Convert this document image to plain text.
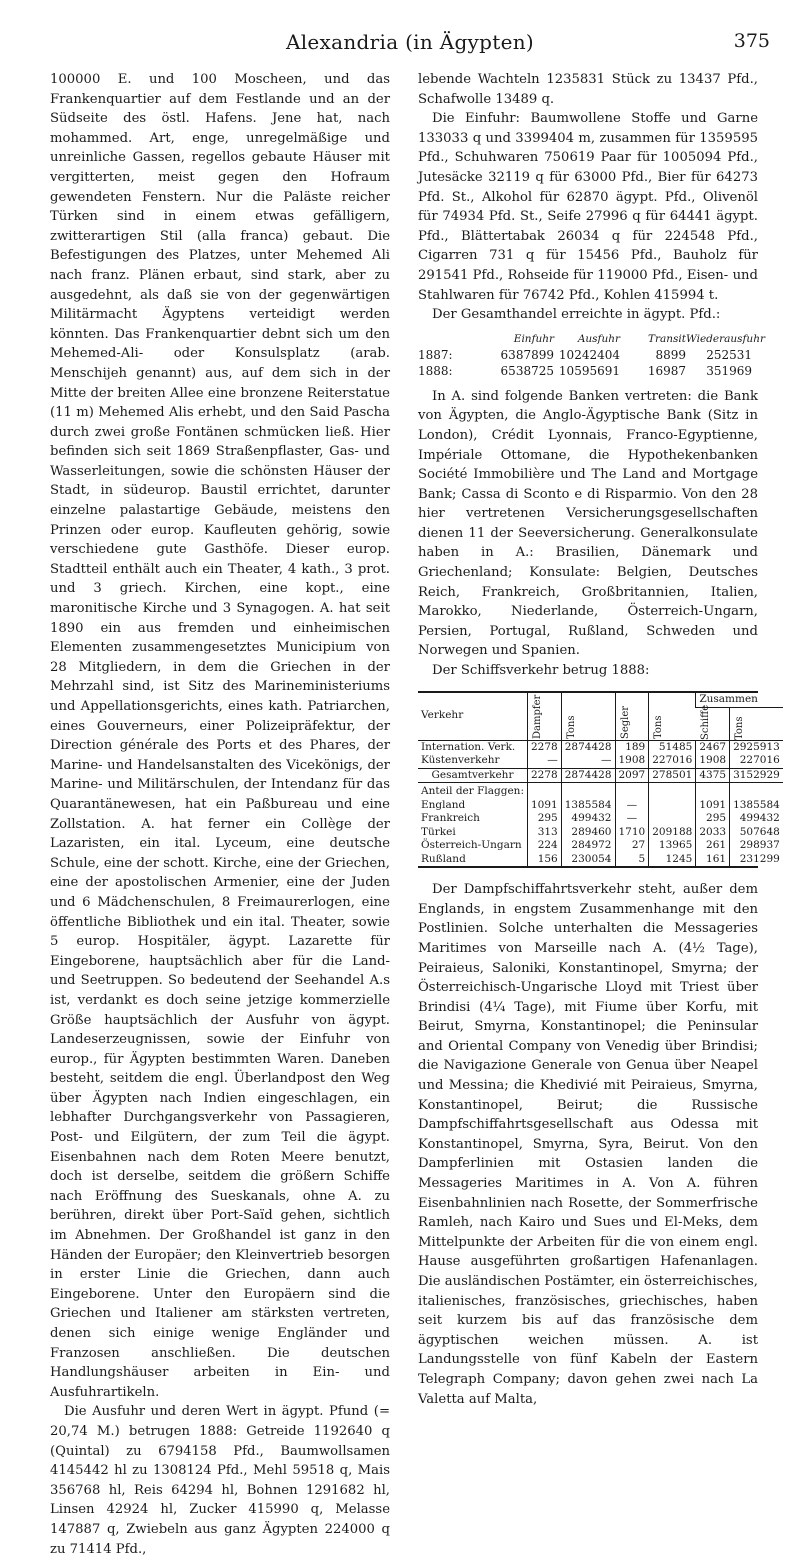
Alexandria (in Ägypten)	375

100000 E. und 100 Moscheen, und das Frankenquartier auf dem Festlande und an der Südseite des östl. Hafens. Jene hat, nach mohammed. Art, enge, unregelmäßige und unreinliche Gassen, regellos gebaute Häuser mit vergitterten, meist gegen den Hofraum gewendeten Fenstern. Nur die Paläste reicher Türken sind in einem etwas gefälligern, zwitterartigen Stil (alla franca) gebaut. Die Befestigungen des Platzes, unter Mehemed Ali nach franz. Plänen erbaut, sind stark, aber zu ausgedehnt, als daß sie von der gegenwärtigen Militärmacht Ägyptens verteidigt werden könnten. Das Frankenquartier debnt sich um den Mehemed-Ali- oder Konsulsplatz (arab. Menschijeh genannt) aus, auf dem sich in der Mitte der breiten Allee eine bronzene Reiterstatue (11 m) Mehemed Alis erhebt, und den Said Pascha durch zwei große Fontänen schmücken ließ. Hier befinden sich seit 1869 Straßenpflaster, Gas- und Wasserleitungen, sowie die schönsten Häuser der Stadt, in südeurop. Baustil errichtet, darunter einzelne palastartige Gebäude, meistens den Prinzen oder europ. Kaufleuten gehörig, sowie verschiedene gute Gasthöfe. Dieser europ. Stadtteil enthält auch ein Theater, 4 kath., 3 prot. und 3 griech. Kirchen, eine kopt., eine maronitische Kirche und 3 Synagogen. A. hat seit 1890 ein aus fremden und einheimischen Elementen zusammengesetztes Municipium von 28 Mitgliedern, in dem die Griechen in der Mehrzahl sind, ist Sitz des Marineministeriums und Appellationsgerichts, eines kath. Patriarchen, eines Gouverneurs, einer Polizeipräfektur, der Direction générale des Ports et des Phares, der Marine- und Handelsanstalten des Vicekönigs, der Marine- und Militärschulen, der Intendanz für das Quarantänewesen, hat ein Paßbureau und eine Zollstation. A. hat ferner ein Collège der Lazaristen, ein ital. Lyceum, eine deutsche Schule, eine der schott. Kirche, eine der Griechen, eine der apostolischen Armenier, eine der Juden und 6 Mädchenschulen, 8 Freimaurerlogen, eine öffentliche Bibliothek und ein ital. Theater, sowie 5 europ. Hospitäler, ägypt. Lazarette für Eingeborene, hauptsächlich aber für die Land- und Seetruppen. So bedeutend der Seehandel A.s ist, verdankt es doch seine jetzige kommerzielle Größe hauptsächlich der Ausfuhr von ägypt. Landeserzeugnissen, sowie der Einfuhr von europ., für Ägypten bestimmten Waren. Daneben besteht, seitdem die engl. Überlandpost den Weg über Ägypten nach Indien eingeschlagen, ein lebhafter Durchgangsverkehr von Passagieren, Post- und Eilgütern, der zum Teil die ägypt. Eisenbahnen nach dem Roten Meere benutzt, doch ist derselbe, seitdem die größern Schiffe nach Eröffnung des Sueskanals, ohne A. zu berühren, direkt über Port-Saïd gehen, sichtlich im Abnehmen. Der Großhandel ist ganz in den Händen der Europäer; den Kleinvertrieb besorgen in erster Linie die Griechen, dann auch Eingeborene. Unter den Europäern sind die Griechen und Italiener am stärksten vertreten, denen sich einige wenige Engländer und Franzosen anschließen. Die deutschen Handlungshäuser arbeiten in Ein- und Ausfuhrartikeln.

Die Ausfuhr und deren Wert in ägypt. Pfund (= 20,74 M.) betrugen 1888: Getreide 1192640 q (Quintal) zu 6794158 Pfd., Baumwollsamen 4145442 hl zu 1308124 Pfd., Mehl 59518 q, Mais 356768 hl, Reis 64294 hl, Bohnen 1291682 hl, Linsen 42924 hl, Zucker 415990 q, Melasse 147887 q, Zwiebeln aus ganz Ägypten 224000 q zu 71414 Pfd.,

lebende Wachteln 1235831 Stück zu 13437 Pfd., Schafwolle 13489 q.

Die Einfuhr: Baumwollene Stoffe und Garne 133033 q und 3399404 m, zusammen für 1359595 Pfd., Schuhwaren 750619 Paar für 1005094 Pfd., Jutesäcke 32119 q für 63000 Pfd., Bier für 64273 Pfd. St., Alkohol für 62870 ägypt. Pfd., Olivenöl für 74934 Pfd. St., Seife 27996 q für 64441 ägypt. Pfd., Blättertabak 26034 q für 224548 Pfd., Cigarren 731 q für 15456 Pfd., Bauholz für 291541 Pfd., Rohseide für 119000 Pfd., Eisen- und Stahlwaren für 76742 Pfd., Kohlen 415994 t.

Der Gesamthandel erreichte in ägypt. Pfd.:

Einfuhr	Ausfuhr	Transit Wiederausfuhr
1887:	6387899 10242404	8899	252531
1888:	6538725 10595691	16987	351969

In A. sind folgende Banken vertreten: die Bank von Ägypten, die Anglo-Ägyptische Bank (Sitz in London), Crédit Lyonnais, Franco-Egyptienne, Impériale Ottomane, die Hypothekenbanken Société Immobilière und The Land and Mortgage Bank; Cassa di Sconto e di Risparmio. Von den 28 hier vertretenen Versicherungsgesellschaften dienen 11 der Seeversicherung. Generalkonsulate haben in A.: Brasilien, Dänemark und Griechenland; Konsulate: Belgien, Deutsches Reich, Frankreich, Großbritannien, Italien, Marokko, Niederlande, Österreich-Ungarn, Persien, Portugal, Rußland, Schweden und Norwegen und Spanien.

Der Schiffsverkehr betrug 1888:

Verkehr	Dampfer	Tons	Segler	Tons	Zusammen	

					Schiffe	Tons

Internation. Verk.	2278	2874428	189	51485	2467	2925913
Küstenverkehr	—	—	1908	227016	1908	227016
Gesamtverkehr	2278	2874428	2097	278501	4375	3152929
Anteil der Flaggen:						
England	1091	1385584	—		1091	1385584
Frankreich	295	499432	—		295	499432
Türkei	313	289460	1710	209188	2033	507648
Österreich-Ungarn	224	284972	27	13965	261	298937
Rußland	156	230054	5	1245	161	231299

Der Dampfschiffahrtsverkehr steht, außer dem Englands, in engstem Zusammenhange mit den Postlinien. Solche unterhalten die Messageries Maritimes von Marseille nach A. (4½ Tage), Peiraieus, Saloniki, Konstantinopel, Smyrna; der Österreichisch-Ungarische Lloyd mit Triest über Brindisi (4¼ Tage), mit Fiume über Korfu, mit Beirut, Smyrna, Konstantinopel; die Peninsular and Oriental Company von Venedig über Brindisi; die Navigazione Generale von Genua über Neapel und Messina; die Khedivié mit Peiraieus, Smyrna, Konstantinopel, Beirut; die Russische Dampfschiffahrtsgesellschaft aus Odessa mit Konstantinopel, Smyrna, Syra, Beirut. Von den Dampferlinien mit Ostasien landen die Messageries Maritimes in A. Von A. führen Eisenbahnlinien nach Rosette, der Sommerfrische Ramleh, nach Kairo und Sues und El-Meks, dem Mittelpunkte der Arbeiten für die von einem engl. Hause ausgeführten großartigen Hafenanlagen. Die ausländischen Postämter, ein österreichisches, italienisches, französisches, griechisches, haben seit kurzem bis auf das französische dem ägyptischen weichen müssen. A. ist Landungsstelle von fünf Kabeln der Eastern Telegraph Company; davon gehen zwei nach La Valetta auf Malta,
